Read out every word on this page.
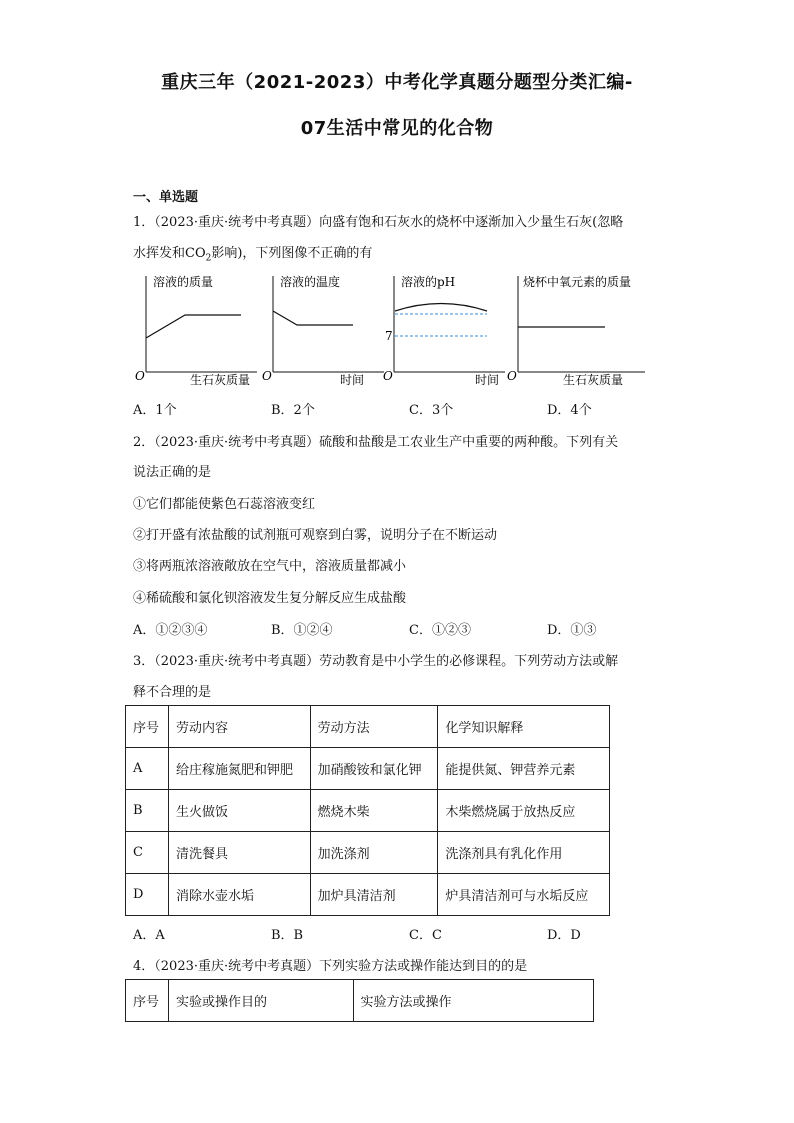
重庆三年（2021-2023）中考化学真题分题型分类汇编-
07生活中常见的化合物
一、单选题
1．（2023·重庆·统考中考真题）向盛有饱和石灰水的烧杯中逐渐加入少量生石灰(忽略
水挥发和$CO_2$影响)，下列图像不正确的有
溶液的质量
O	生石灰质量
溶液的温度
O	时间
溶液的pH
7
O	时间
烧杯中氧元素的质量
O	生石灰质量
A．1个	B．2个	C．3个	D．4个
2．（2023·重庆·统考中考真题）硫酸和盐酸是工农业生产中重要的两种酸。下列有关
说法正确的是
①它们都能使紫色石蕊溶液变红
②打开盛有浓盐酸的试剂瓶可观察到白雾，说明分子在不断运动
③将两瓶浓溶液敞放在空气中，溶液质量都减小
④稀硫酸和氯化钡溶液发生复分解反应生成盐酸
A．①②③④	B．①②④	C．①②③	D．①③
3．（2023·重庆·统考中考真题）劳动教育是中小学生的必修课程。下列劳动方法或解
释不合理的是
序号	劳动内容	劳动方法	化学知识解释
A	给庄稼施氮肥和钾肥	加硝酸铵和氯化钾	能提供氮、钾营养元素
B	生火做饭	燃烧木柴	木柴燃烧属于放热反应
C	清洗餐具	加洗涤剂	洗涤剂具有乳化作用
D	消除水壶水垢	加炉具清洁剂	炉具清洁剂可与水垢反应
A．A	B．B	C．C	D．D
4．（2023·重庆·统考中考真题）下列实验方法或操作能达到目的的是
序号	实验或操作目的	实验方法或操作
